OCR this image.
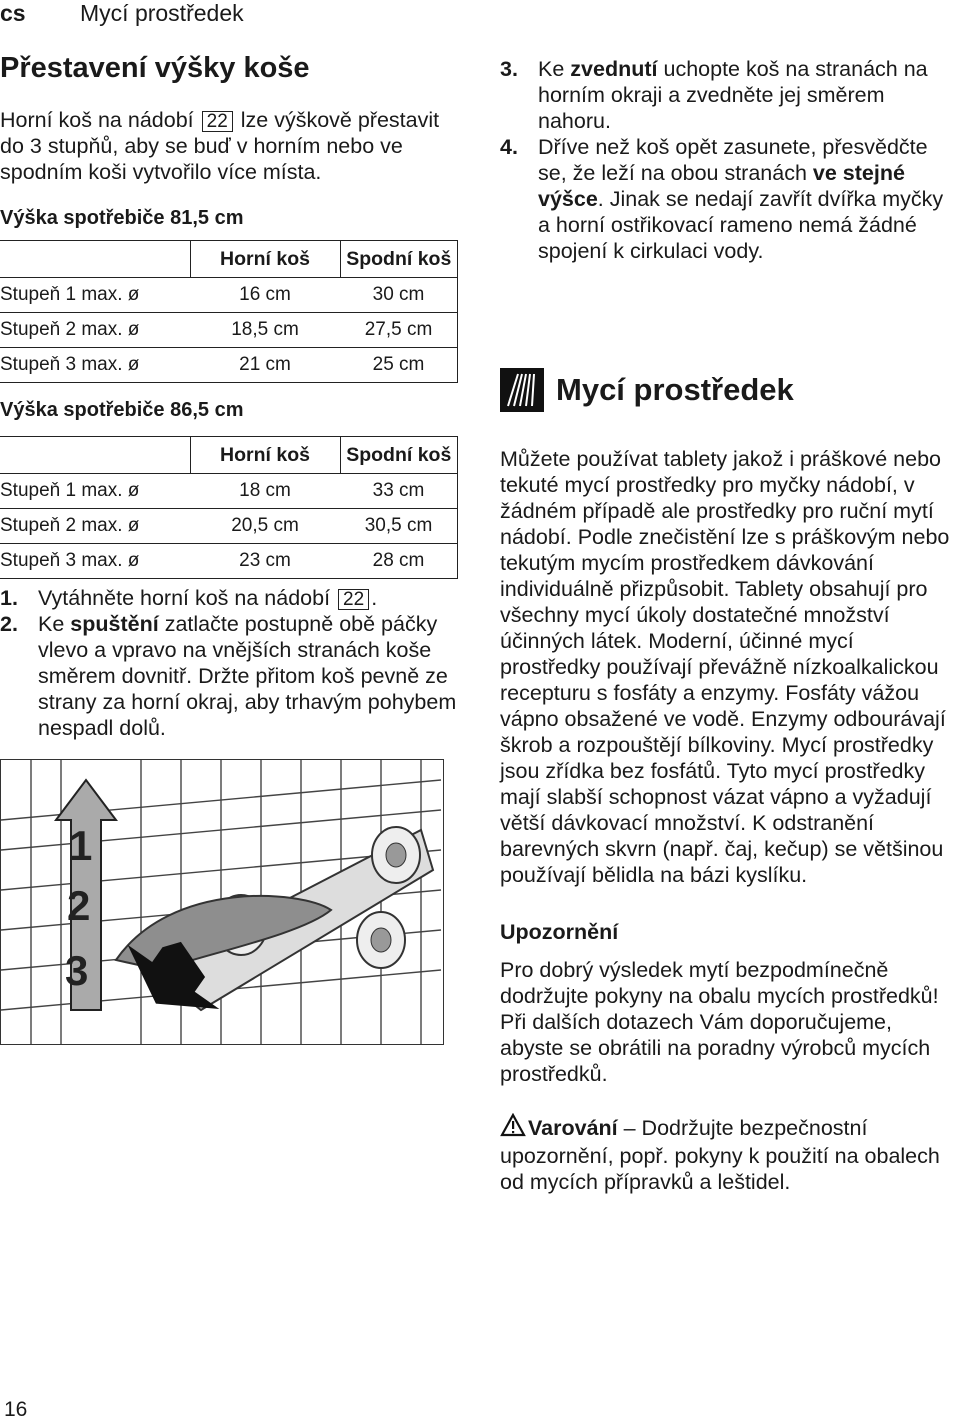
cs Mycí prostředek
Přestavení výšky koše

Horní koš na nádobí 22 lze výškově přestavit do 3 stupňů, aby se buď v horním nebo ve spodním koši vytvořilo více místa.

Výška spotřebiče 81,5 cm
	Horní koš	Spodní koš
Stupeň 1 max. ø	16 cm	30 cm
Stupeň 2 max. ø	18,5 cm	27,5 cm
Stupeň 3 max. ø	21 cm	25 cm
Výška spotřebiče 86,5 cm
	Horní koš	Spodní koš
Stupeň 1 max. ø	18 cm	33 cm
Stupeň 2 max. ø	20,5 cm	30,5 cm
Stupeň 3 max. ø	23 cm	28 cm
1. Vytáhněte horní koš na nádobí 22 .
2. Ke spuštění zatlačte postupně obě páčky vlevo a vpravo na vnějších stranách koše směrem dovnitř. Držte přitom koš pevně ze strany za horní okraj, aby trhavým pohybem nespadl dolů.
1
2
3
3. Ke zvednutí uchopte koš na stranách na horním okraji a zvedněte jej směrem nahoru.
4. Dříve než koš opět zasunete, přesvědčte se, že leží na obou stranách ve stejné výšce. Jinak se nedají zavřít dvířka myčky a horní ostřikovací rameno nemá žádné spojení k cirkulaci vody.
Mycí prostředek

Můžete používat tablety jakož i práškové nebo tekuté mycí prostředky pro myčky nádobí, v žádném případě ale prostředky pro ruční mytí nádobí. Podle znečistění lze s práškovým nebo tekutým mycím prostředkem dávkování individuálně přizpůsobit. Tablety obsahují pro všechny mycí úkoly dostatečné množství účinných látek. Moderní, účinné mycí prostředky používají převážně nízkoalkalickou recepturu s fosfáty a enzymy. Fosfáty vážou vápno obsažené ve vodě. Enzymy odbourávají škrob a rozpouštějí bílkoviny. Mycí prostředky jsou zřídka bez fosfátů. Tyto mycí prostředky mají slabší schopnost vázat vápno a vyžadují větší dávkovací množství. K odstranění barevných skvrn (např. čaj, kečup) se většinou používají bělidla na bázi kyslíku.

Upozornění

Pro dobrý výsledek mytí bezpodmínečně dodržujte pokyny na obalu mycích prostředků!

Při dalších dotazech Vám doporučujeme, abyste se obrátili na poradny výrobců mycích prostředků.

Varování – Dodržujte bezpečnostní upozornění, popř. pokyny k použití na obalech od mycích přípravků a leštidel.

16
